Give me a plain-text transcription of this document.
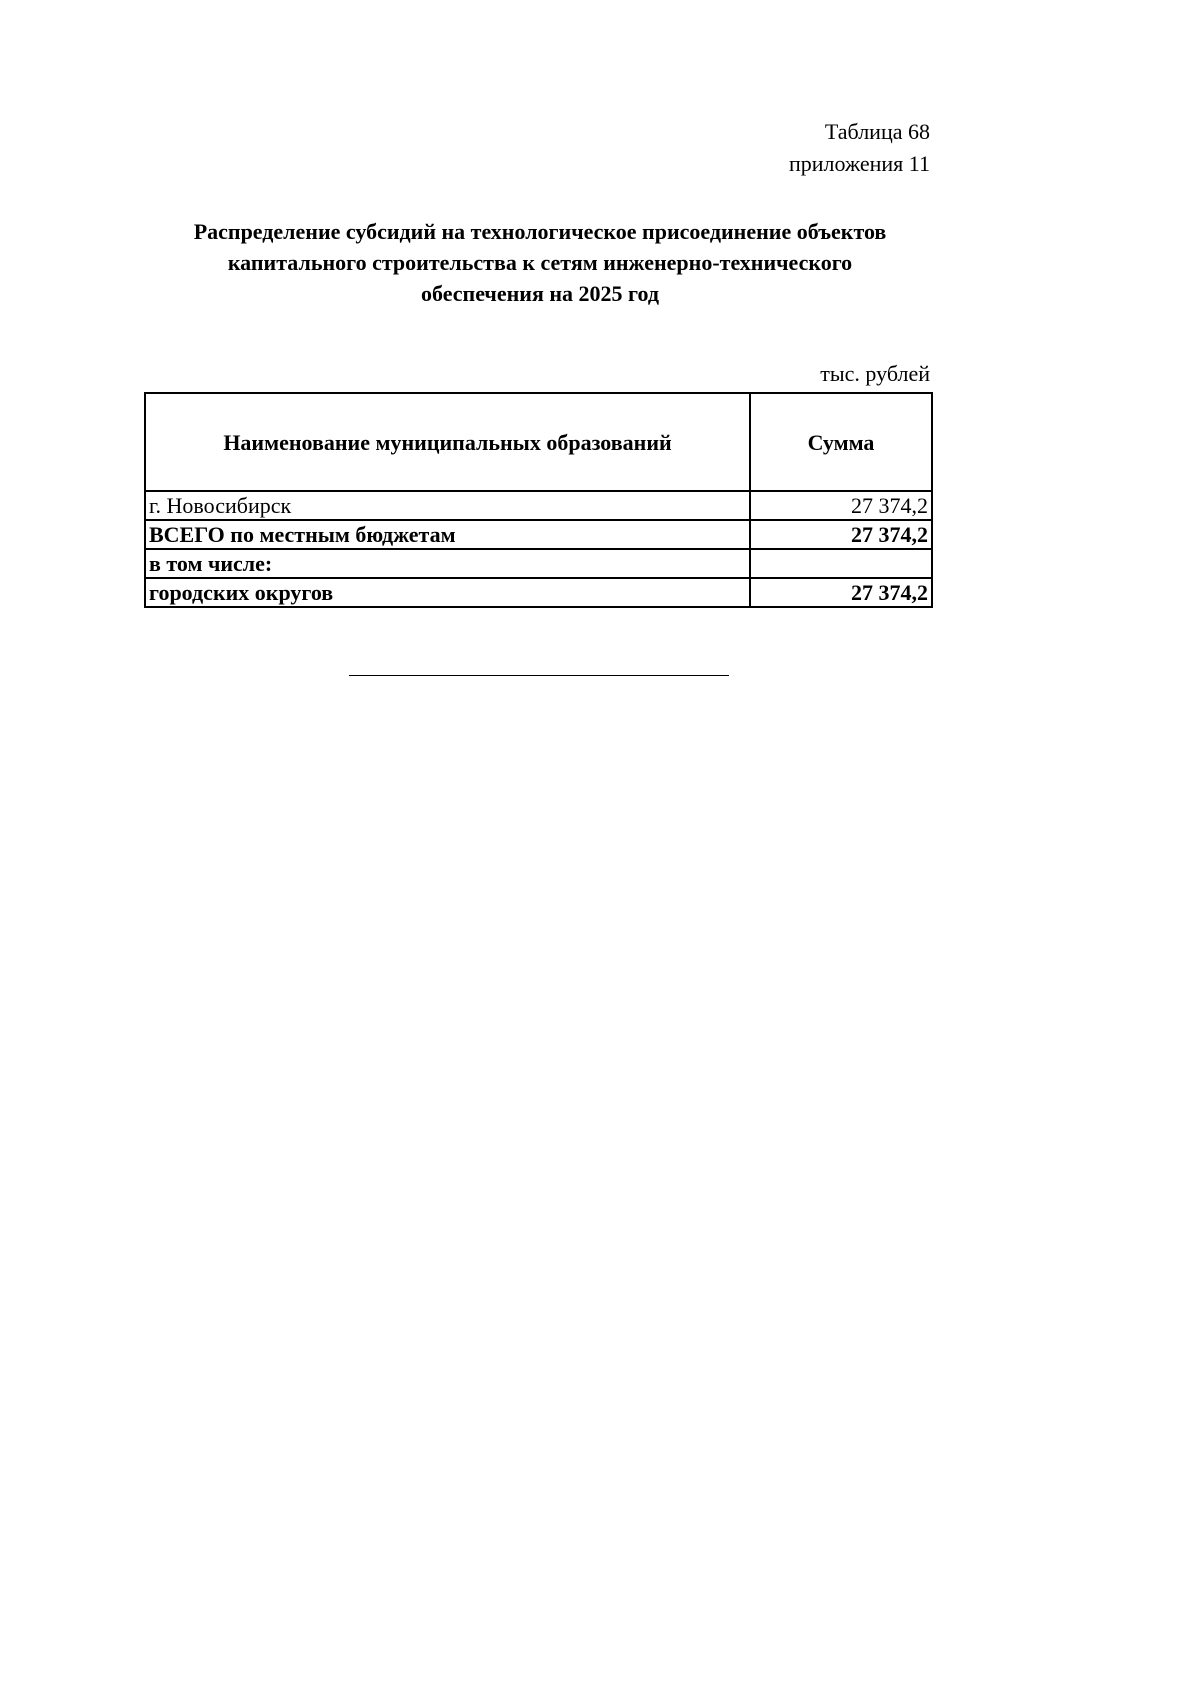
Таблица 68
приложения 11
Распределение субсидий на технологическое присоединение объектов
капитального строительства к сетям инженерно-технического
обеспечения на 2025 год
тыс. рублей
Наименование муниципальных образований	Сумма
г. Новосибирск	27 374,2
ВСЕГО по местным бюджетам	27 374,2
в том числе:	
городских округов	27 374,2
